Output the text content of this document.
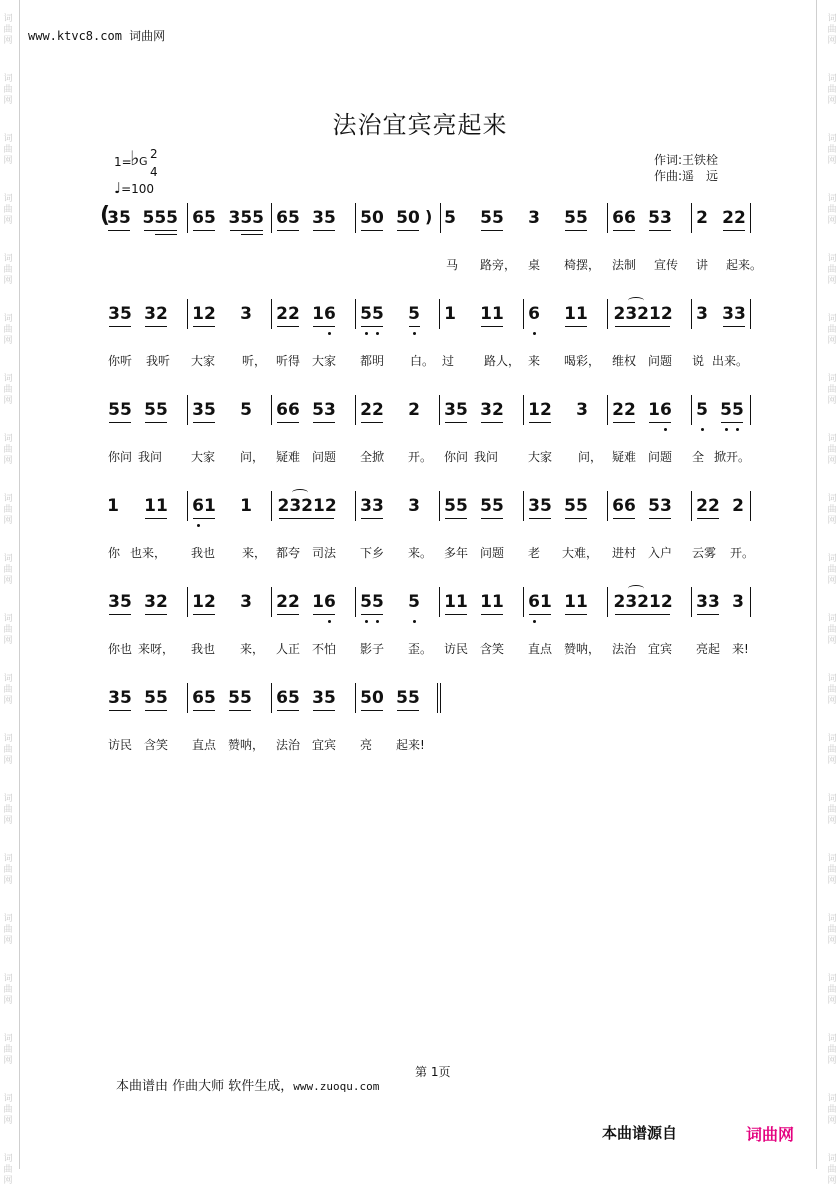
词
曲
网
词
曲
网
词
曲
网
词
曲
网
词
曲
网
词
曲
网
词
曲
网
词
曲
网
词
曲
网
词
曲
网
词
曲
网
词
曲
网
词
曲
网
词
曲
网
词
曲
网
词
曲
网
词
曲
网
词
曲
网
词
曲
网
词
曲
网
词
曲
网
词
曲
网
词
曲
网
词
曲
网
词
曲
网
词
曲
网
词
曲
网
词
曲
网
词
曲
网
词
曲
网
词
曲
网
词
曲
网
词
曲
网
词
曲
网
词
曲
网
词
曲
网
词
曲
网
词
曲
网
词
曲
网
词
曲
网
www.ktvc8.com 词曲网
法治宜宾亮起来
1=
♭ G
2
4
♩=100
作词:王铁栓
作曲:遥　远
35 555 65 355 65 35 50 50 5 55 3 55 66 53 2 22
(	)
马 路旁， 桌 椅摆， 法制 宣传 讲 起来。
35 32 12 3 22 16 55 5 1 11 6 11 23212 3 33
你听 我听 大家 听， 听得 大家 都明 白。 过 路人， 来 喝彩， 维权 问题 说 出来。
55 55 35 5 66 53 22 2 35 32 12 3 22 16 5 55
你问 我问 大家 问， 疑难 问题 全掀 开。 你问 我问 大家 问， 疑难 问题 全 掀开。
1 11 61 1 23212 33 3 55 55 35 55 66 53 22 2
你 也来， 我也 来， 都夸 司法 下乡 来。 多年 问题 老 大难， 进村 入户 云雾 开。
35 32 12 3 22 16 55 5 11 11 61 11 23212 33 3
你也 来呀， 我也 来， 人正 不怕 影子 歪。 访民 含笑 直点 赞呐， 法治 宜宾 亮起 来!
35 55 65 55 65 35 50 55
访民 含笑 直点 赞呐， 法治 宜宾 亮 起来!
第 1页
本曲谱由 作曲大师 软件生成，www.zuoqu.com
本曲谱源自	词曲网
